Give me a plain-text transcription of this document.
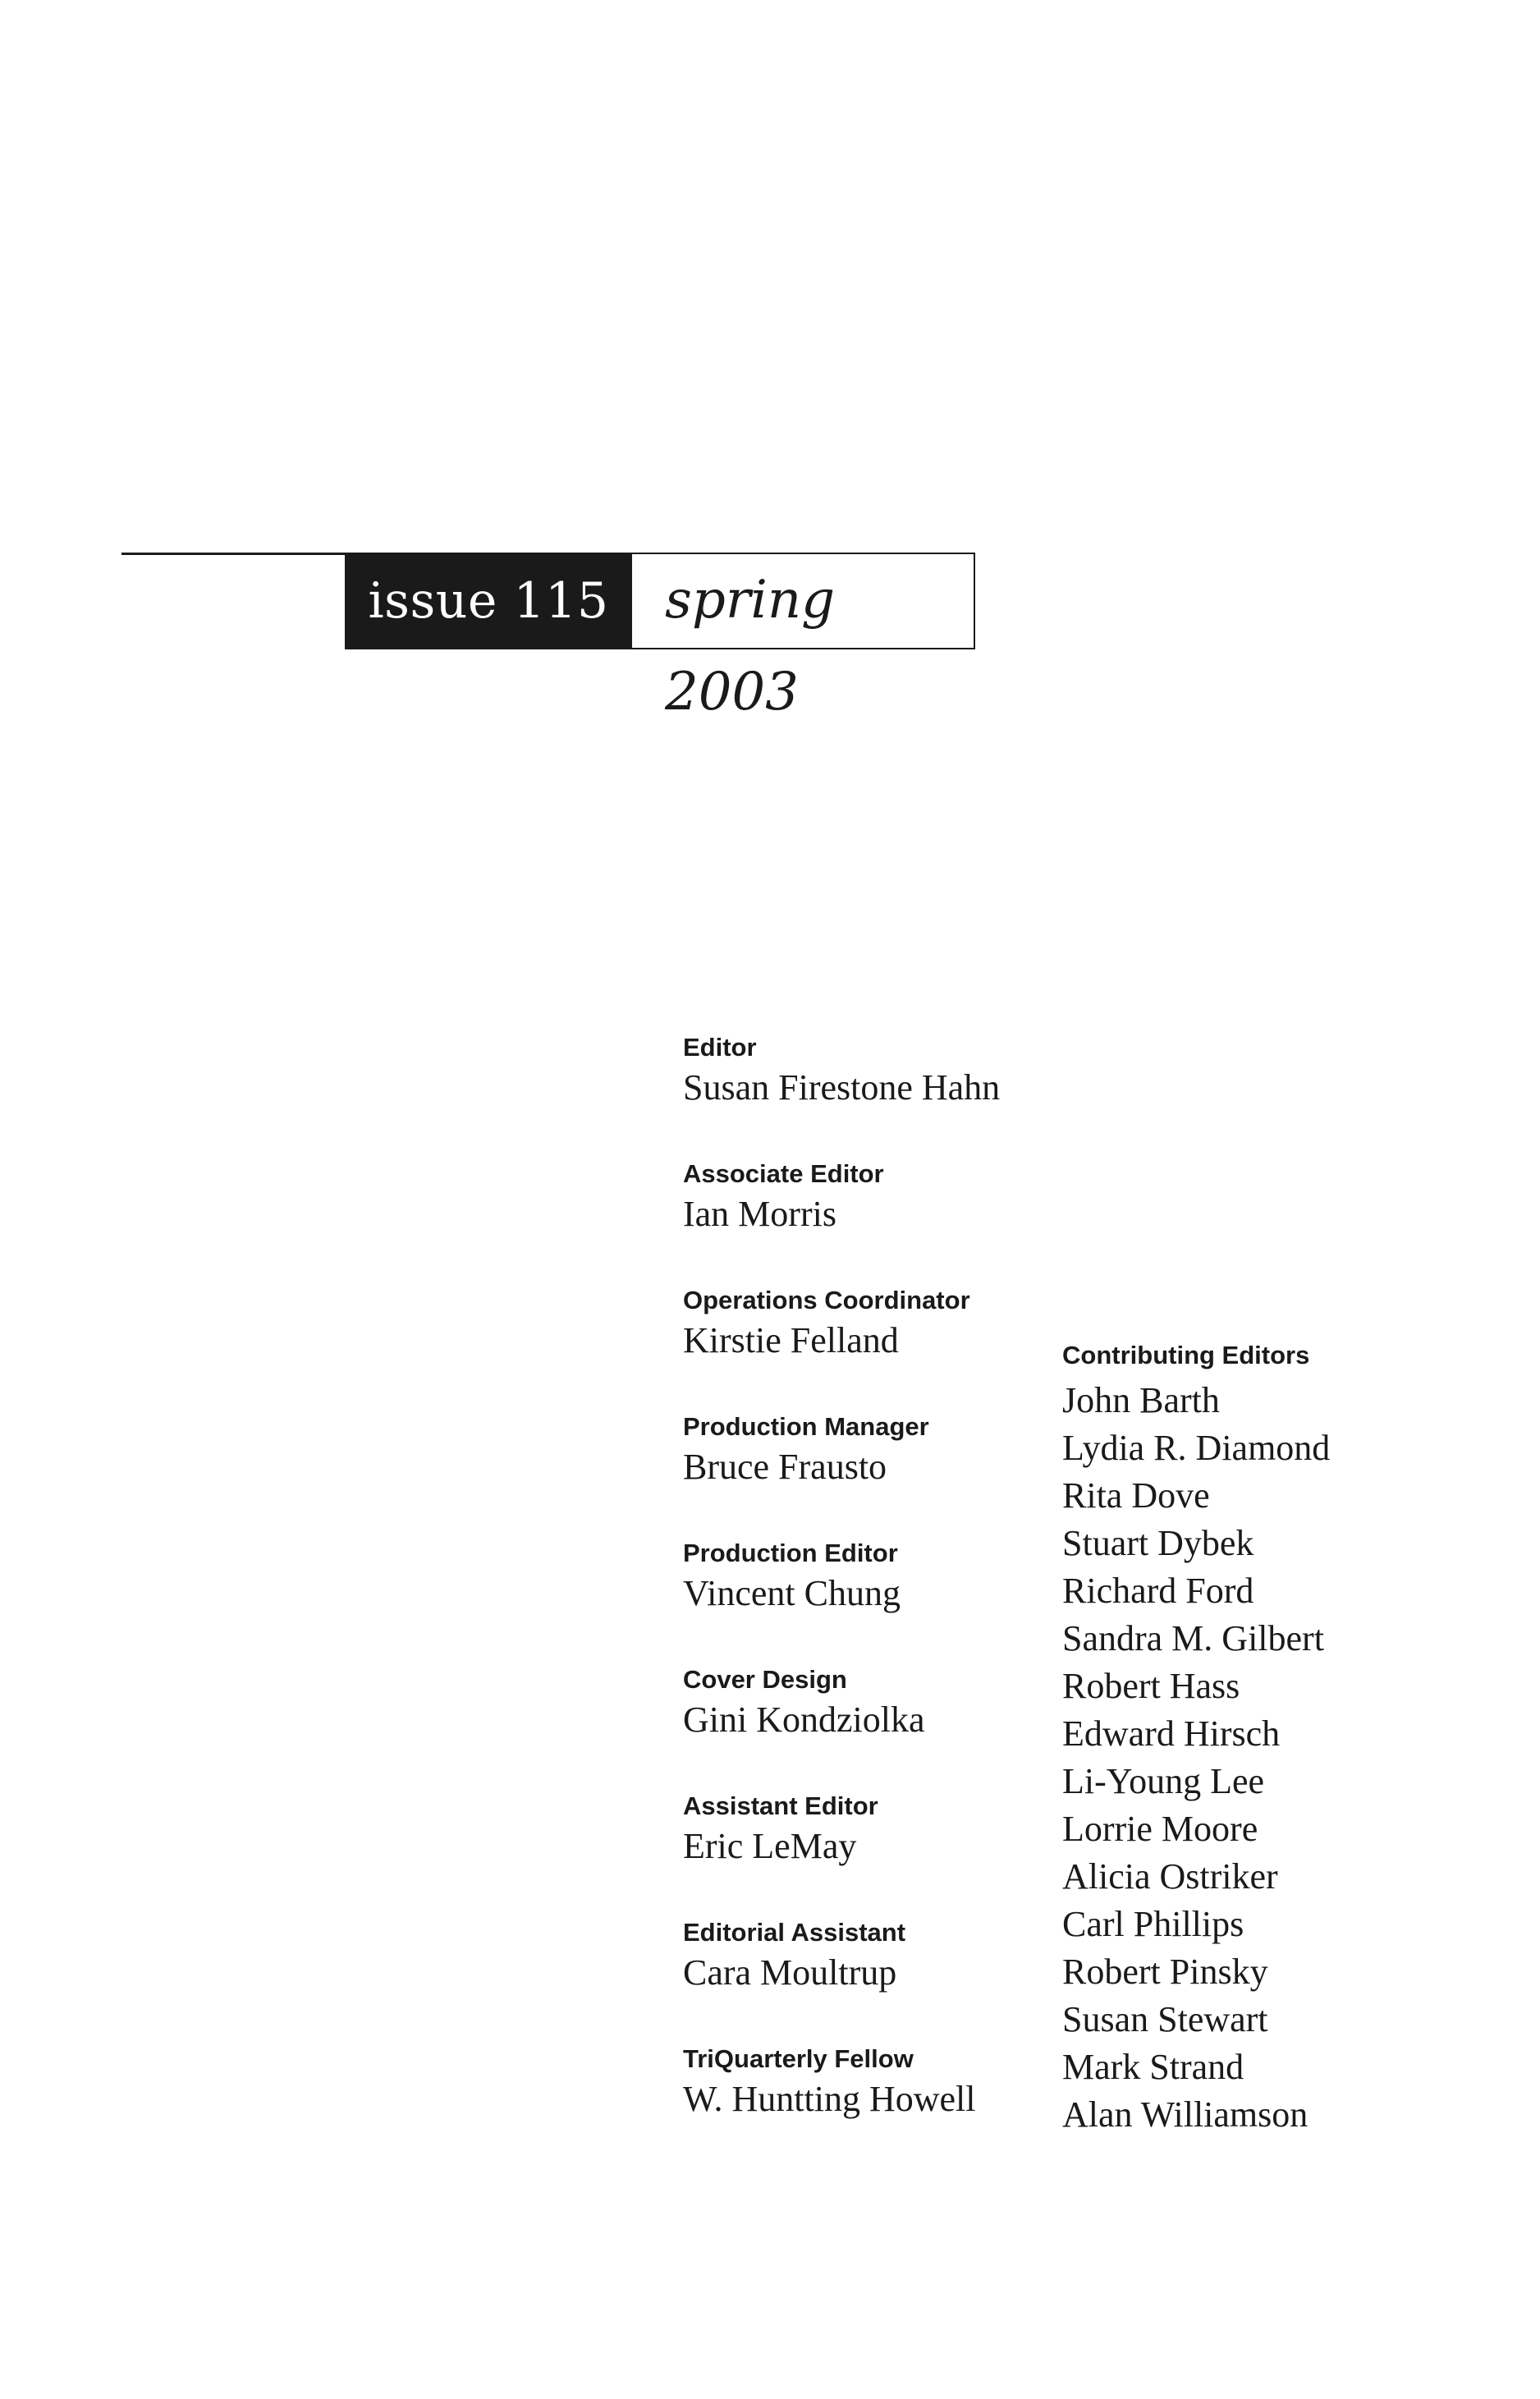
issue 115	spring 2003
Editor
Susan Firestone Hahn
Associate Editor
Ian Morris
Operations Coordinator
Kirstie Felland
Production Manager
Bruce Frausto
Production Editor
Vincent Chung
Cover Design
Gini Kondziolka
Assistant Editor
Eric LeMay
Editorial Assistant
Cara Moultrup
TriQuarterly Fellow
W. Huntting Howell
Contributing Editors
John Barth
Lydia R. Diamond
Rita Dove
Stuart Dybek
Richard Ford
Sandra M. Gilbert
Robert Hass
Edward Hirsch
Li-Young Lee
Lorrie Moore
Alicia Ostriker
Carl Phillips
Robert Pinsky
Susan Stewart
Mark Strand
Alan Williamson
